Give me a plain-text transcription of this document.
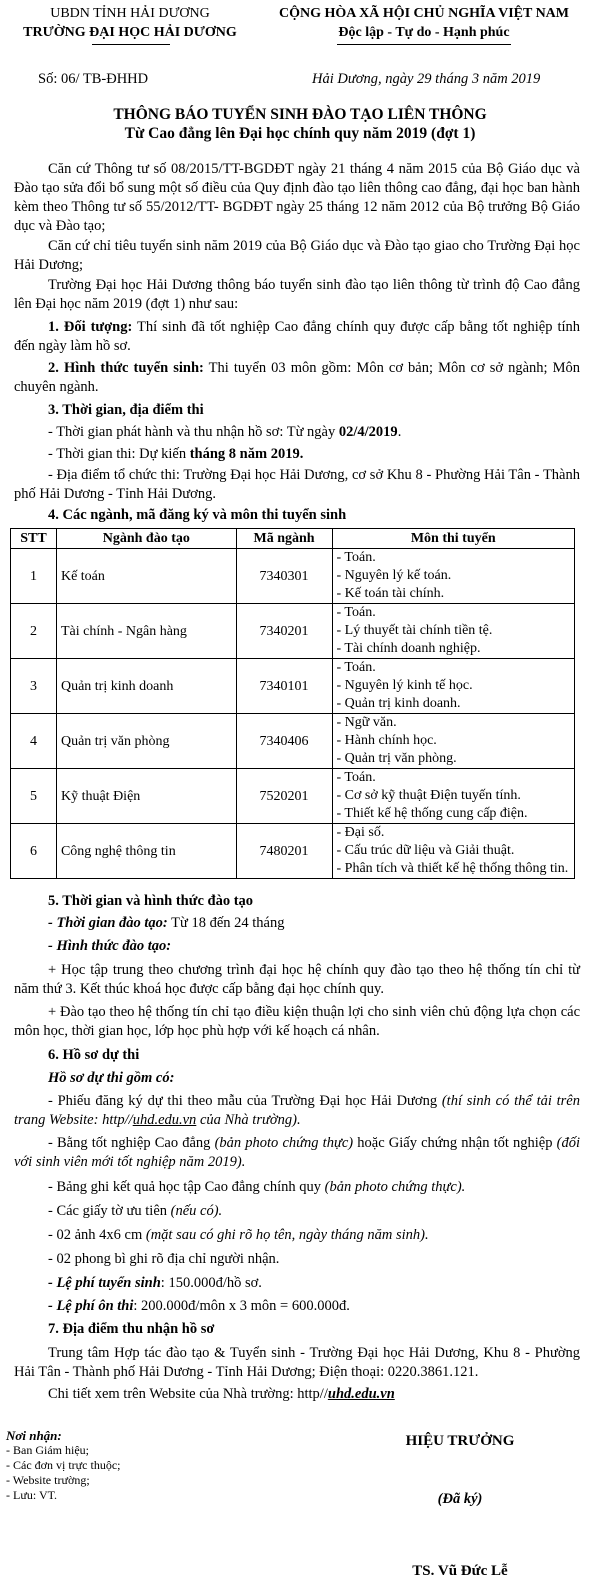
UBDN TỈNH HẢI DƯƠNG
TRƯỜNG ĐẠI HỌC HẢI DƯƠNG
CỘNG HÒA XÃ HỘI CHỦ NGHĨA VIỆT NAM
Độc lập - Tự do - Hạnh phúc
Số: 06/ TB-ĐHHD	Hải Dương, ngày 29 tháng 3 năm 2019
THÔNG BÁO TUYỂN SINH ĐÀO TẠO LIÊN THÔNG
Từ Cao đẳng lên Đại học chính quy năm 2019 (đợt 1)
Căn cứ Thông tư số 08/2015/TT-BGDĐT ngày 21 tháng 4 năm 2015 của Bộ Giáo dục và Đào tạo sửa đổi bổ sung một số điều của Quy định đào tạo liên thông cao đẳng, đại học ban hành kèm theo Thông tư số 55/2012/TT- BGDĐT ngày 25 tháng 12 năm 2012 của Bộ trưởng Bộ Giáo dục và Đào tạo;
Căn cứ chỉ tiêu tuyển sinh năm 2019 của Bộ Giáo dục và Đào tạo giao cho Trường Đại học Hải Dương;
Trường Đại học Hải Dương thông báo tuyển sinh đào tạo liên thông từ trình độ Cao đẳng lên Đại học năm 2019 (đợt 1) như sau:
1. Đối tượng: Thí sinh đã tốt nghiệp Cao đẳng chính quy được cấp bằng tốt nghiệp tính đến ngày làm hồ sơ.
2. Hình thức tuyển sinh: Thi tuyển 03 môn gồm: Môn cơ bản; Môn cơ sở ngành; Môn chuyên ngành.
3. Thời gian, địa điểm thi
- Thời gian phát hành và thu nhận hồ sơ: Từ ngày 02/4/2019.
- Thời gian thi: Dự kiến tháng 8 năm 2019.
- Địa điểm tổ chức thi: Trường Đại học Hải Dương, cơ sở Khu 8 - Phường Hải Tân - Thành phố Hải Dương - Tỉnh Hải Dương.
4. Các ngành, mã đăng ký và môn thi tuyển sinh
STT	Ngành đào tạo	Mã ngành	Môn thi tuyển
1	Kế toán	7340301	- Toán.
- Nguyên lý kế toán.
- Kế toán tài chính.

2	Tài chính - Ngân hàng	7340201	- Toán.
- Lý thuyết tài chính tiền tệ.
- Tài chính doanh nghiệp.

3	Quản trị kinh doanh	7340101	- Toán.
- Nguyên lý kinh tế học.
- Quản trị kinh doanh.

4	Quản trị văn phòng	7340406	- Ngữ văn.
- Hành chính học.
- Quản trị văn phòng.

5	Kỹ thuật Điện	7520201	- Toán.
- Cơ sở kỹ thuật Điện tuyến tính.
- Thiết kế hệ thống cung cấp điện.

6	Công nghệ thông tin	7480201	- Đại số.
- Cấu trúc dữ liệu và Giải thuật.
- Phân tích và thiết kế hệ thống thông tin.
5. Thời gian và hình thức đào tạo
- Thời gian đào tạo: Từ 18 đến 24 tháng
- Hình thức đào tạo:
+ Học tập trung theo chương trình đại học hệ chính quy đào tạo theo hệ thống tín chỉ từ năm thứ 3. Kết thúc khoá học được cấp bằng đại học chính quy.
+ Đào tạo theo hệ thống tín chỉ tạo điều kiện thuận lợi cho sinh viên chủ động lựa chọn các môn học, thời gian học, lớp học phù hợp với kế hoạch cá nhân.
6. Hồ sơ dự thi
Hồ sơ dự thi gồm có:
- Phiếu đăng ký dự thi theo mẫu của Trường Đại học Hải Dương (thí sinh có thể tải trên trang Website: http//uhd.edu.vn của Nhà trường).
- Bằng tốt nghiệp Cao đẳng (bản photo chứng thực) hoặc Giấy chứng nhận tốt nghiệp (đối với sinh viên mới tốt nghiệp năm 2019).
- Bảng ghi kết quả học tập Cao đẳng chính quy (bản photo chứng thực).
- Các giấy tờ ưu tiên (nếu có).
- 02 ảnh 4x6 cm (mặt sau có ghi rõ họ tên, ngày tháng năm sinh).
- 02 phong bì ghi rõ địa chỉ người nhận.
- Lệ phí tuyển sinh: 150.000đ/hồ sơ.
- Lệ phí ôn thi: 200.000đ/môn x 3 môn = 600.000đ.
7. Địa điểm thu nhận hồ sơ
Trung tâm Hợp tác đào tạo & Tuyển sinh - Trường Đại học Hải Dương, Khu 8 - Phường Hải Tân - Thành phố Hải Dương - Tỉnh Hải Dương; Điện thoại: 0220.3861.121.
Chi tiết xem trên Website của Nhà trường: http//uhd.edu.vn
Nơi nhận:
- Ban Giám hiệu;
- Các đơn vị trực thuộc;
- Website trường;
- Lưu: VT.
HIỆU TRƯỞNG
(Đã ký)
TS. Vũ Đức Lễ
